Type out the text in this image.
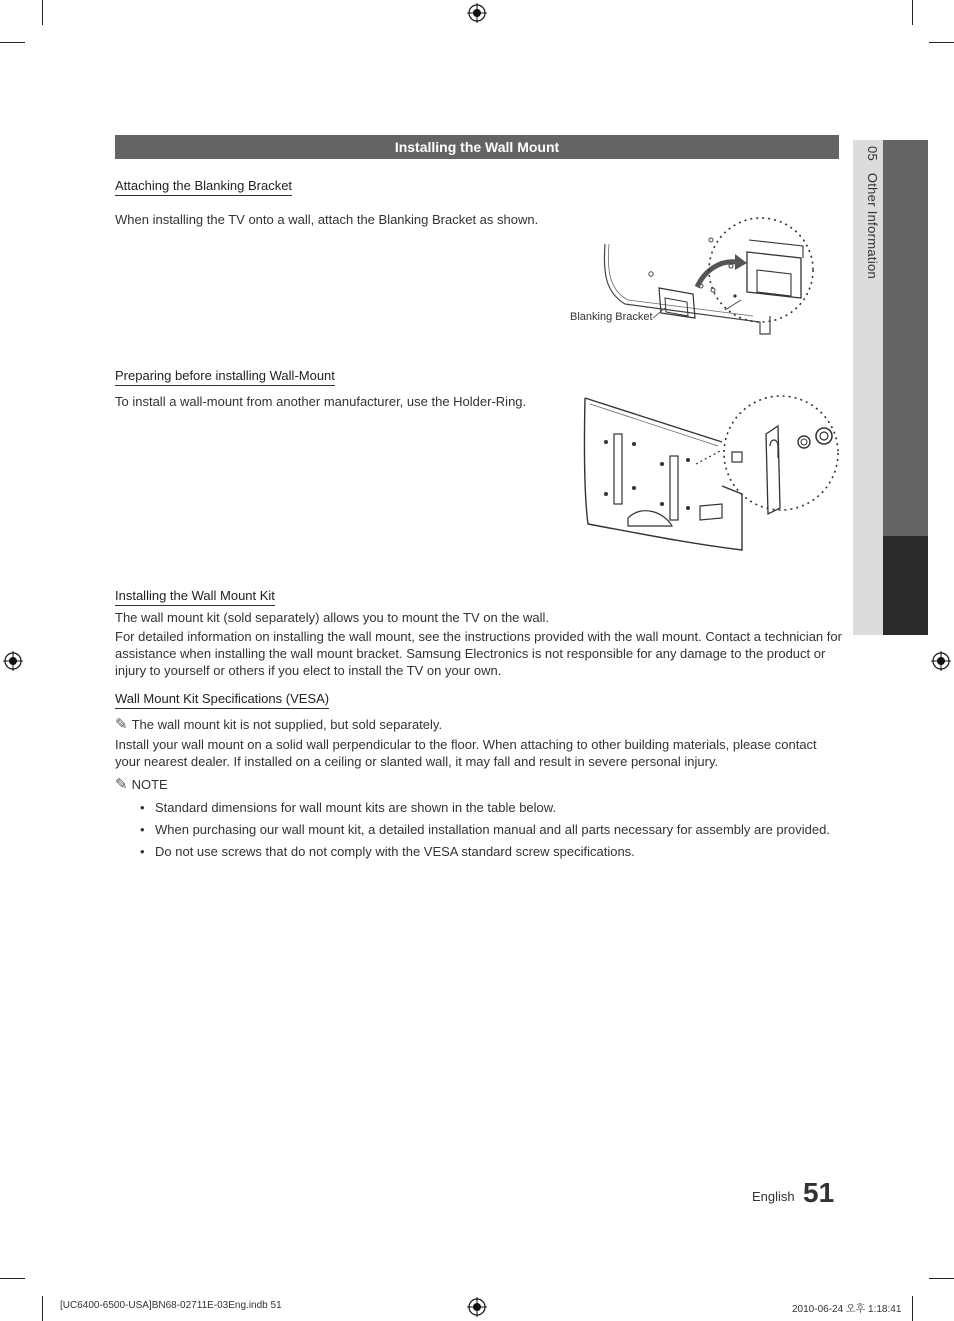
05   Other Information
Installing the Wall Mount
Attaching the Blanking Bracket
When installing the TV onto a wall, attach the Blanking Bracket as shown.
Blanking Bracket
Preparing before installing Wall-Mount
To install a wall-mount from another manufacturer, use the Holder-Ring.
Installing the Wall Mount Kit
The wall mount kit (sold separately) allows you to mount the TV on the wall.
For detailed information on installing the wall mount, see the instructions provided with the wall mount. Contact a technician for
assistance when installing the wall mount bracket. Samsung Electronics is not responsible for any damage to the product or
injury to yourself or others if you elect to install the TV on your own.
Wall Mount Kit Specifications (VESA)
✎ The wall mount kit is not supplied, but sold separately.
Install your wall mount on a solid wall perpendicular to the floor. When attaching to other building materials, please contact
your nearest dealer. If installed on a ceiling or slanted wall, it may fall and result in severe personal injury.
✎ NOTE
• Standard dimensions for wall mount kits are shown in the table below.
• When purchasing our wall mount kit, a detailed installation manual and all parts necessary for assembly are provided.
• Do not use screws that do not comply with the VESA standard screw specifications.
English 51
[UC6400-6500-USA]BN68-02711E-03Eng.indb 51	2010-06-24 오후 1:18:41
